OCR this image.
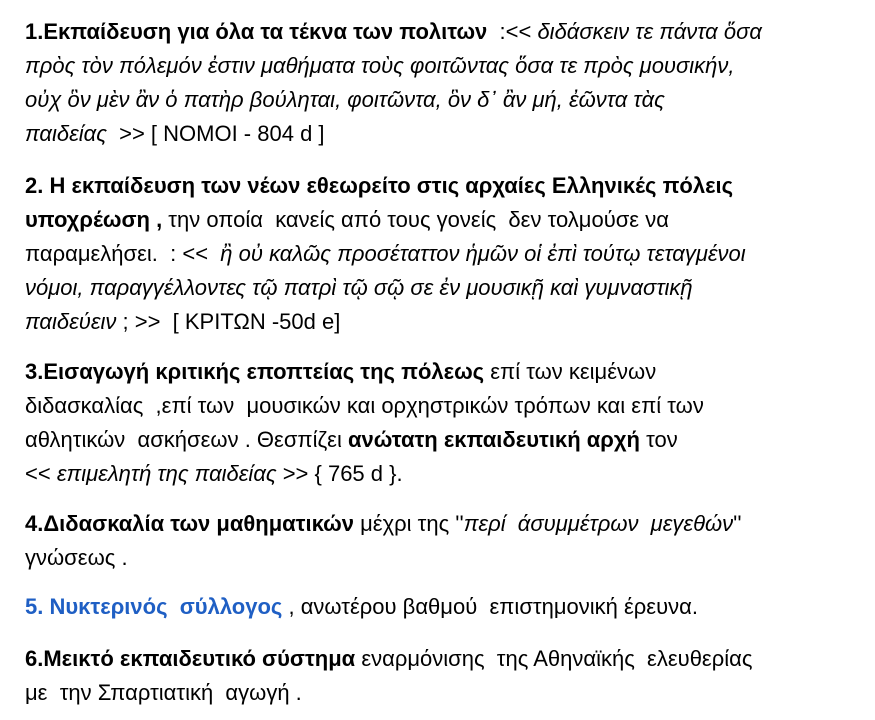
1.Εκπαίδευση για όλα τα τέκνα των πολιτων  :<< διδάσκειν τε πάντα ὅσα
πρὸς τὸν πόλεμόν ἐστιν μαθήματα τοὺς φοιτῶντας ὅσα τε πρὸς μουσικήν,
οὐχ ὃν μὲν ἂν ὁ πατὴρ βούληται, φοιτῶντα, ὃν δ᾽ ἂν μή, ἐῶντα τὰς
παιδείας  >> [ ΝΟΜΟΙ - 804 d ]
2. Η εκπαίδευση των νέων εθεωρείτο στις αρχαίες Ελληνικές πόλεις
υποχρέωση , την οποία  κανείς από τους γονείς  δεν τολμούσε να
παραμελήσει.  : <<  ἢ οὐ καλῶς προσέταττον ἡμῶν οἱ ἐπὶ τούτῳ τεταγμένοι
νόμοι, παραγγέλλοντες τῷ πατρὶ τῷ σῷ σε ἐν μουσικῇ καὶ γυμναστικῇ
παιδεύειν ; >>  [ ΚΡΙΤΩΝ -50d e]
3.Εισαγωγή κριτικής εποπτείας της πόλεως επί των κειμένων
διδασκαλίας  ,επί των  μουσικών και ορχηστρικών τρόπων και επί των
αθλητικών  ασκήσεων . Θεσπίζει ανώτατη εκπαιδευτική αρχή τον
<< επιμελητή της παιδείας >> { 765 d }.
4.Διδασκαλία των μαθηματικών μέχρι της ''περί  άσυμμέτρων  μεγεθών''
γνώσεως .
5. Νυκτερινός  σύλλογος , ανωτέρου βαθμού  επιστημονική έρευνα.
6.Μεικτό εκπαιδευτικό σύστημα εναρμόνισης  της Αθηναϊκής  ελευθερίας
με  την Σπαρτιατική  αγωγή .
